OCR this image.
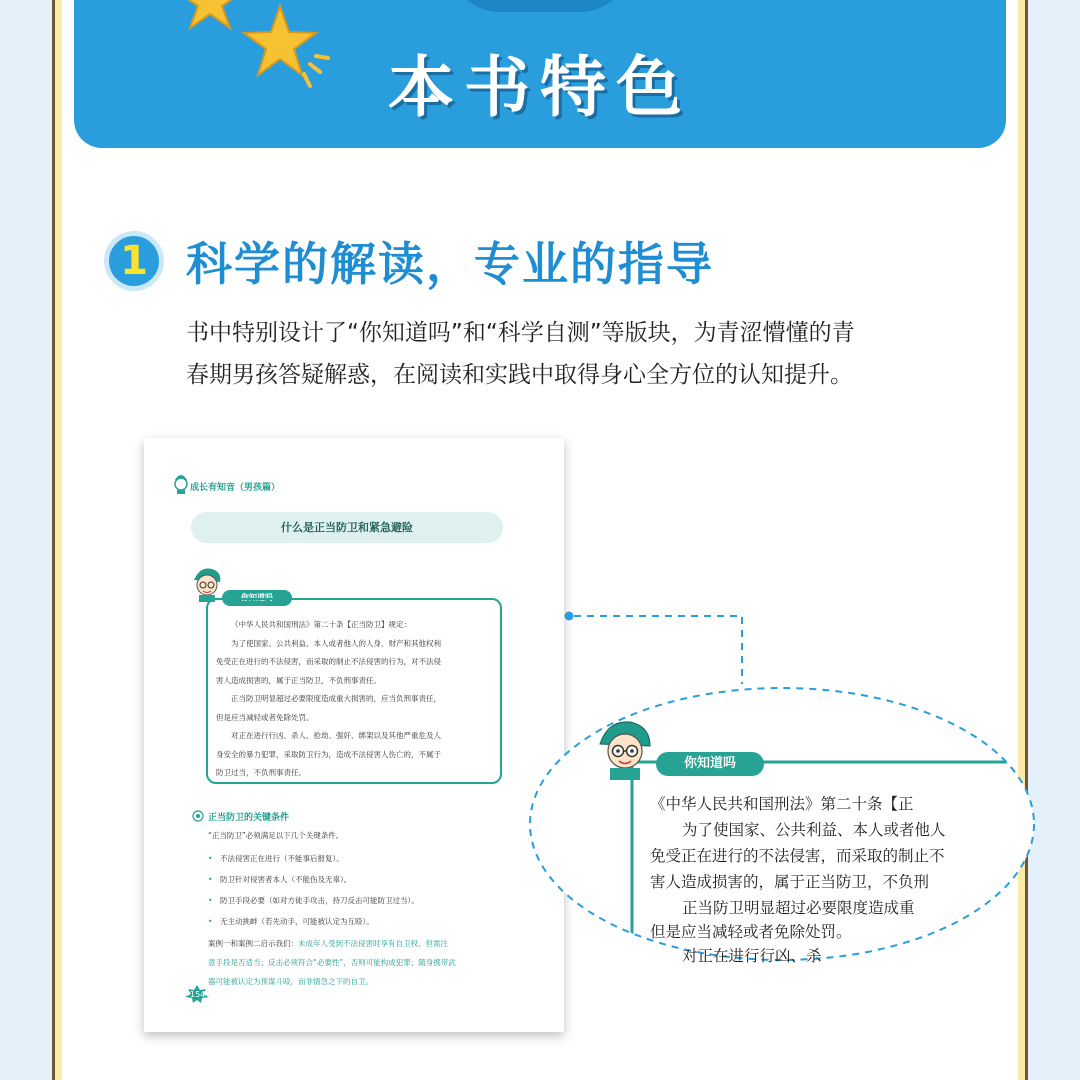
本书特色
1 科学的解读，专业的指导
书中特别设计了“你知道吗”和“科学自测”等版块，为青涩懵懂的青
春期男孩答疑解惑，在阅读和实践中取得身心全方位的认知提升。
成长有知音（男孩篇）
什么是正当防卫和紧急避险
你知道吗

《中华人民共和国刑法》第二十条【正当防卫】规定：

为了使国家、公共利益、本人或者他人的人身、财产和其他权利

免受正在进行的不法侵害，而采取的制止不法侵害的行为，对不法侵

害人造成损害的，属于正当防卫，不负刑事责任。

正当防卫明显超过必要限度造成重大损害的，应当负刑事责任，

但是应当减轻或者免除处罚。

对正在进行行凶、杀人、抢劫、强奸、绑架以及其他严重危及人

身安全的暴力犯罪，采取防卫行为，造成不法侵害人伤亡的，不属于

防卫过当，不负刑事责任。

正当防卫的关键条件
“正当防卫”必须满足以下几个关键条件。
• 不法侵害正在进行（不能事后报复）。
• 防卫针对侵害者本人（不能伤及无辜）。
• 防卫手段必要（如对方徒手攻击，持刀反击可能防卫过当）。
• 无主动挑衅（若先动手，可能被认定为互殴）。
案例一和案例二启示我们：未成年人受到不法侵害时享有自卫权，但需注
意手段是否适当；反击必须符合“必要性”，否则可能构成犯罪；随身携带武
器可能被认定为预谋斗殴，而非情急之下的自卫。
154
你知道吗
《中华人民共和国刑法》第二十条【正
为了使国家、公共利益、本人或者他人
免受正在进行的不法侵害，而采取的制止不
害人造成损害的，属于正当防卫，不负刑
正当防卫明显超过必要限度造成重
但是应当减轻或者免除处罚。
对正在进行行凶、杀
